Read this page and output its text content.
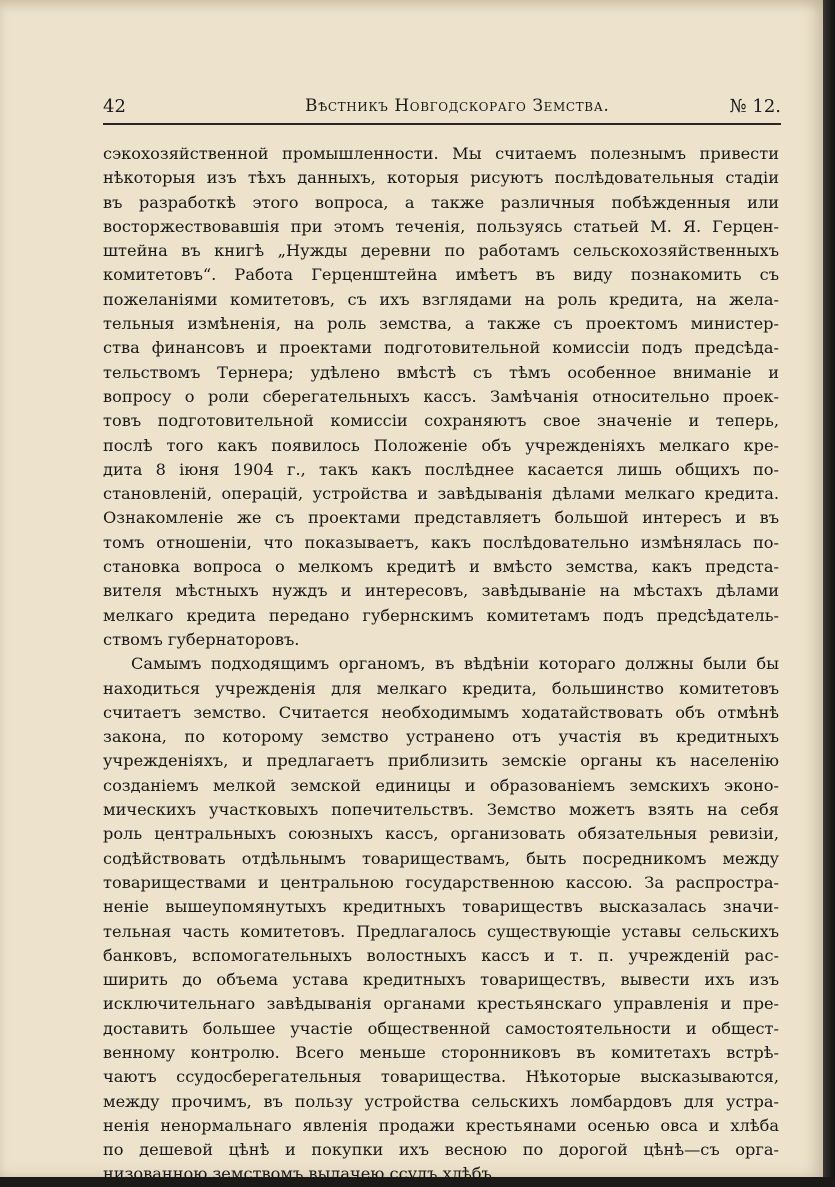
42	Вѣстникъ Новгодскораго Земства.	№ 12.
сэкохозяйственной промышленности. Мы считаемъ полезнымъ привести
нѣкоторыя изъ тѣхъ данныхъ, которыя рисуютъ послѣдовательныя стадіи
въ разработкѣ этого вопроса, а также различныя побѣжденныя или
восторжествовавшія при этомъ теченія, пользуясь статьей М. Я. Герцен-
штейна въ книгѣ „Нужды деревни по работамъ сельскохозяйственныхъ
комитетовъ“. Работа Герценштейна имѣетъ въ виду познакомить съ
пожеланіями комитетовъ, съ ихъ взглядами на роль кредита, на жела-
тельныя измѣненія, на роль земства, а также съ проектомъ министер-
ства финансовъ и проектами подготовительной комиссіи подъ предсѣда-
тельствомъ Тернера; удѣлено вмѣстѣ съ тѣмъ особенное вниманіе и
вопросу о роли сберегательныхъ кассъ. Замѣчанія относительно проек-
товъ подготовительной комиссіи сохраняютъ свое значеніе и теперь,
послѣ того какъ появилось Положеніе объ учрежденіяхъ мелкаго кре-
дита 8 іюня 1904 г., такъ какъ послѣднее касается лишь общихъ по-
становленій, операцій, устройства и завѣдыванія дѣлами мелкаго кредита.
Ознакомленіе же съ проектами представляетъ большой интересъ и въ
томъ отношеніи, что показываетъ, какъ послѣдовательно измѣнялась по-
становка вопроса о мелкомъ кредитѣ и вмѣсто земства, какъ предста-
вителя мѣстныхъ нуждъ и интересовъ, завѣдываніе на мѣстахъ дѣлами
мелкаго кредита передано губернскимъ комитетамъ подъ предсѣдатель-
ствомъ губернаторовъ.
Самымъ подходящимъ органомъ, въ вѣдѣніи котораго должны были бы
находиться учрежденія для мелкаго кредита, большинство комитетовъ
считаетъ земство. Считается необходимымъ ходатайствовать объ отмѣнѣ
закона, по которому земство устранено отъ участія въ кредитныхъ
учрежденіяхъ, и предлагаетъ приблизить земскіе органы къ населенію
созданіемъ мелкой земской единицы и образованіемъ земскихъ эконо-
мическихъ участковыхъ попечительствъ. Земство можетъ взять на себя
роль центральныхъ союзныхъ кассъ, организовать обязательныя ревизіи,
содѣйствовать отдѣльнымъ товариществамъ, быть посредникомъ между
товариществами и центральною государственною кассою. За распростра-
неніе вышеупомянутыхъ кредитныхъ товариществъ высказалась значи-
тельная часть комитетовъ. Предлагалось существующіе уставы сельскихъ
банковъ, вспомогательныхъ волостныхъ кассъ и т. п. учрежденій рас-
ширить до объема устава кредитныхъ товариществъ, вывести ихъ изъ
исключительнаго завѣдыванія органами крестьянскаго управленія и пре-
доставить большее участіе общественной самостоятельности и общест-
венному контролю. Всего меньше сторонниковъ въ комитетахъ встрѣ-
чаютъ ссудосберегательныя товарищества. Нѣкоторые высказываются,
между прочимъ, въ пользу устройства сельскихъ ломбардовъ для устра-
ненія ненормальнаго явленія продажи крестьянами осенью овса и хлѣба
по дешевой цѣнѣ и покупки ихъ весною по дорогой цѣнѣ—съ орга-
низованною земствомъ выдачею ссудъ хлѣбъ.
